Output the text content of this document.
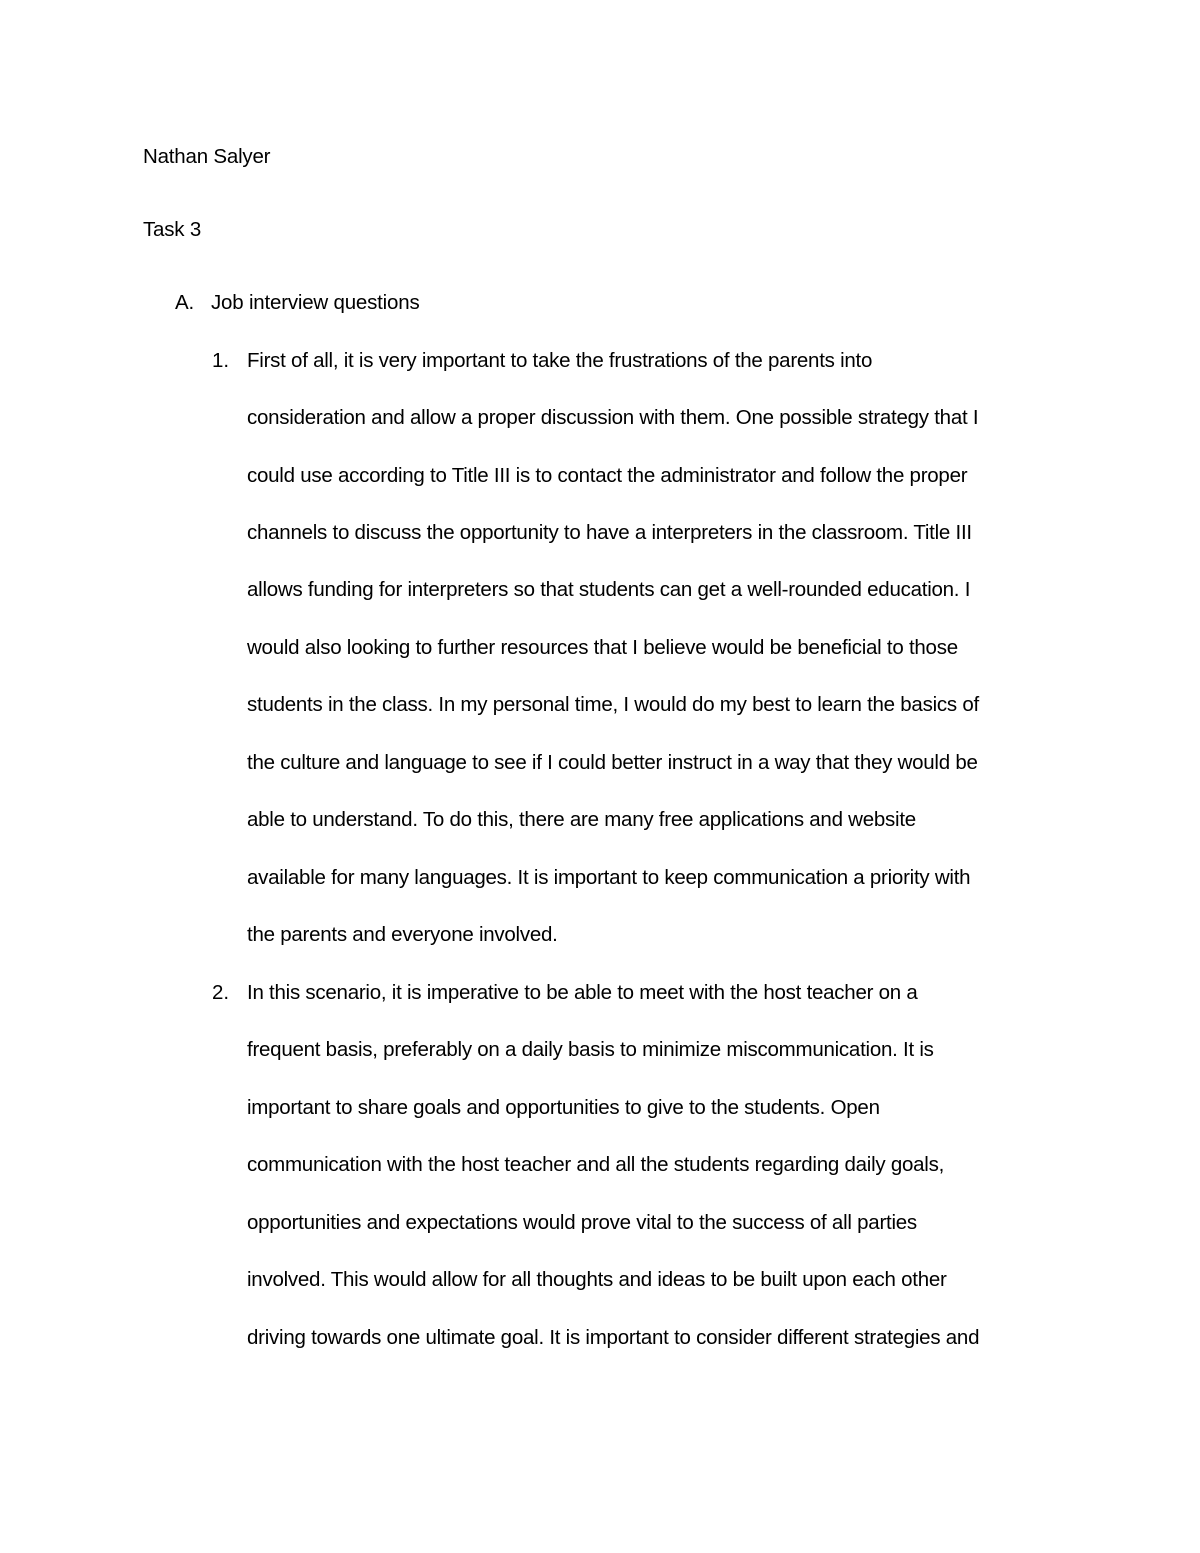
Nathan Salyer
Task 3
A. Job interview questions
1. First of all, it is very important to take the frustrations of the parents into
consideration and allow a proper discussion with them. One possible strategy that I
could use according to Title III is to contact the administrator and follow the proper
channels to discuss the opportunity to have a interpreters in the classroom. Title III
allows funding for interpreters so that students can get a well-rounded education. I
would also looking to further resources that I believe would be beneficial to those
students in the class. In my personal time, I would do my best to learn the basics of
the culture and language to see if I could better instruct in a way that they would be
able to understand. To do this, there are many free applications and website
available for many languages. It is important to keep communication a priority with
the parents and everyone involved.
2. In this scenario, it is imperative to be able to meet with the host teacher on a
frequent basis, preferably on a daily basis to minimize miscommunication. It is
important to share goals and opportunities to give to the students. Open
communication with the host teacher and all the students regarding daily goals,
opportunities and expectations would prove vital to the success of all parties
involved. This would allow for all thoughts and ideas to be built upon each other
driving towards one ultimate goal. It is important to consider different strategies and
